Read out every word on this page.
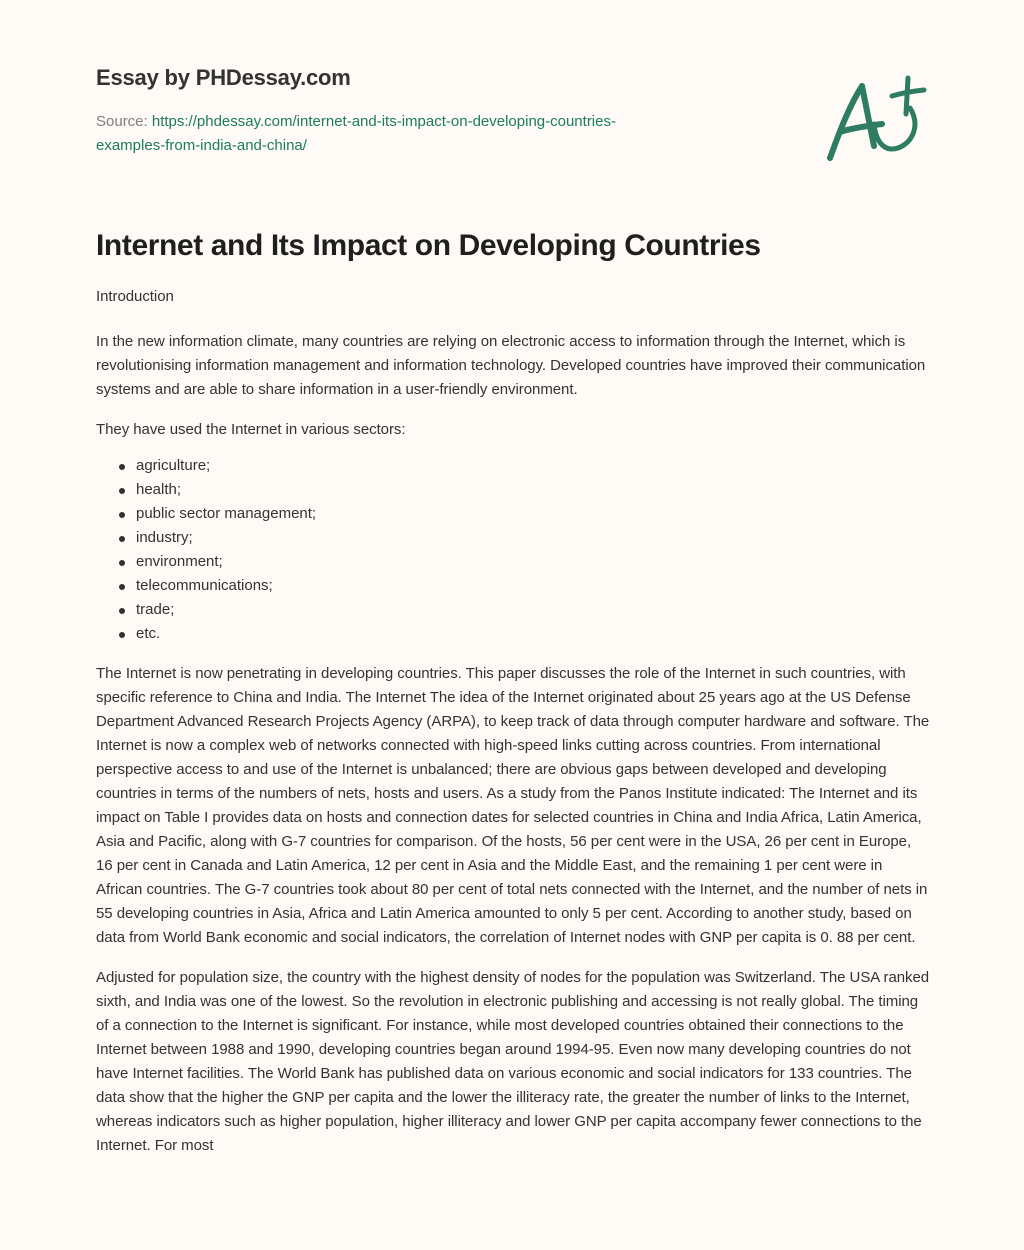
Essay by PHDessay.com
Source: https://phdessay.com/internet-and-its-impact-on-developing-countries-
examples-from-india-and-china/
Internet and Its Impact on Developing Countries

Introduction

In the new information climate, many countries are relying on electronic access to information through the Internet, which is revolutionising information management and information technology. Developed countries have improved their communication systems and are able to share information in a user-friendly environment.

They have used the Internet in various sectors:

agriculture;
health;
public sector management;
industry;
environment;
telecommunications;
trade;
etc.

The Internet is now penetrating in developing countries. This paper discusses the role of the Internet in such countries, with specific reference to China and India. The Internet The idea of the Internet originated about 25 years ago at the US Defense Department Advanced Research Projects Agency (ARPA), to keep track of data through computer hardware and software. The Internet is now a complex web of networks connected with high-speed links cutting across countries. From international perspective access to and use of the Internet is unbalanced; there are obvious gaps between developed and developing countries in terms of the numbers of nets, hosts and users. As a study from the Panos Institute indicated: The Internet and its impact on Table I provides data on hosts and connection dates for selected countries in China and India Africa, Latin America, Asia and Pacific, along with G-7 countries for comparison. Of the hosts, 56 per cent were in the USA, 26 per cent in Europe, 16 per cent in Canada and Latin America, 12 per cent in Asia and the Middle East, and the remaining 1 per cent were in African countries. The G-7 countries took about 80 per cent of total nets connected with the Internet, and the number of nets in 55 developing countries in Asia, Africa and Latin America amounted to only 5 per cent. According to another study, based on data from World Bank economic and social indicators, the correlation of Internet nodes with GNP per capita is 0. 88 per cent.

Adjusted for population size, the country with the highest density of nodes for the population was Switzerland. The USA ranked sixth, and India was one of the lowest. So the revolution in electronic publishing and accessing is not really global. The timing of a connection to the Internet is significant. For instance, while most developed countries obtained their connections to the Internet between 1988 and 1990, developing countries began around 1994-95. Even now many developing countries do not have Internet facilities. The World Bank has published data on various economic and social indicators for 133 countries. The data show that the higher the GNP per capita and the lower the illiteracy rate, the greater the number of links to the Internet, whereas indicators such as higher population, higher illiteracy and lower GNP per capita accompany fewer connections to the Internet. For most
